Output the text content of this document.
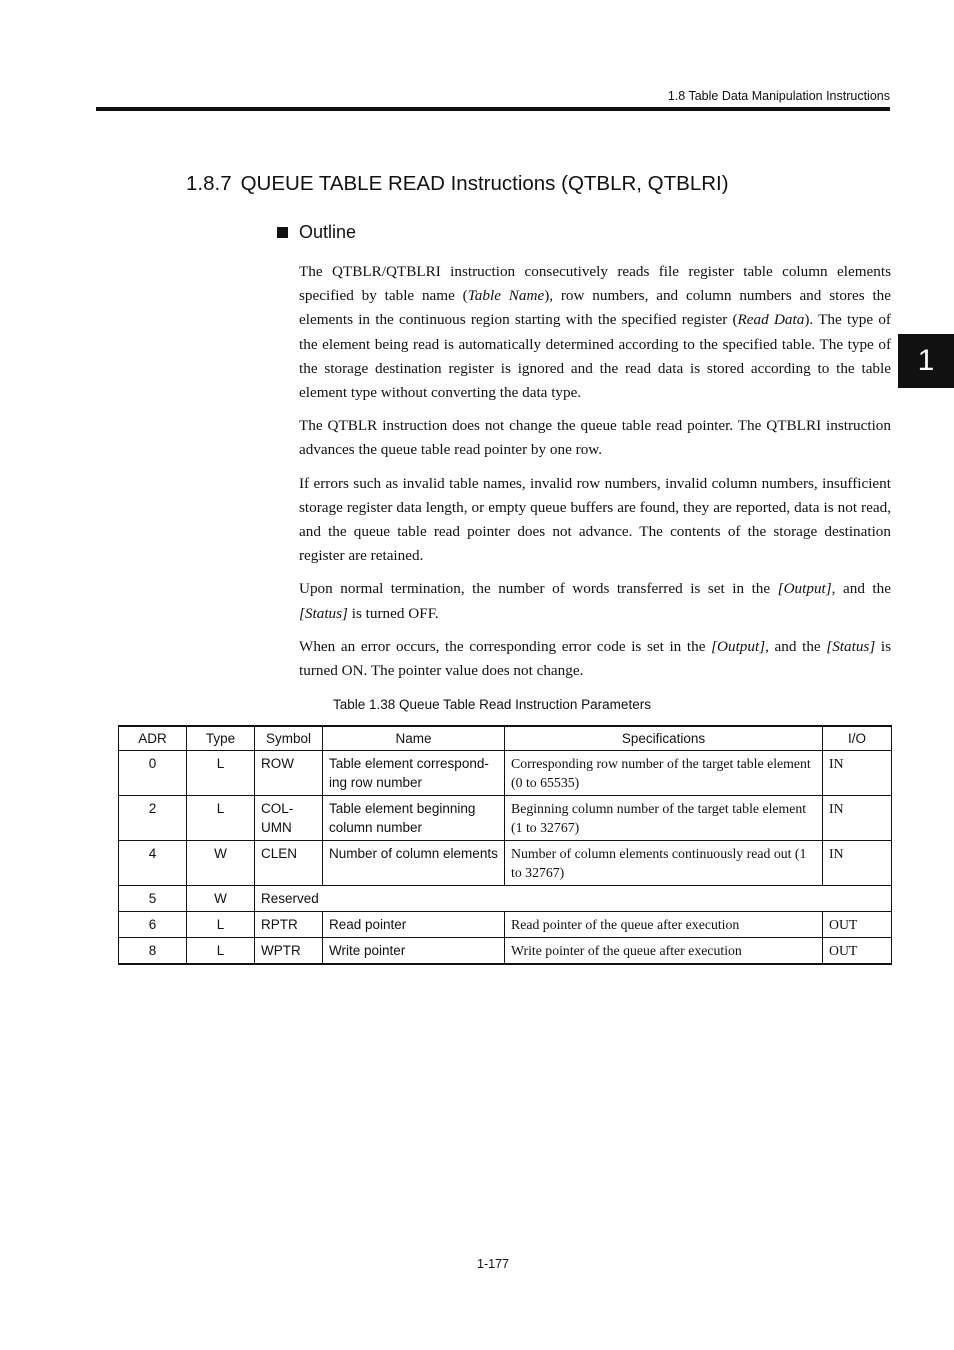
1.8 Table Data Manipulation Instructions
1
1.8.7 QUEUE TABLE READ Instructions (QTBLR, QTBLRI)
Outline

The QTBLR/QTBLRI instruction consecutively reads file register table column elements specified by table name (Table Name), row numbers, and column numbers and stores the elements in the continuous region starting with the specified register (Read Data). The type of the element being read is automatically determined according to the specified table. The type of the storage destination register is ignored and the read data is stored according to the table element type without converting the data type.

The QTBLR instruction does not change the queue table read pointer. The QTBLRI instruction advances the queue table read pointer by one row.

If errors such as invalid table names, invalid row numbers, invalid column numbers, insufficient storage register data length, or empty queue buffers are found, they are reported, data is not read, and the queue table read pointer does not advance. The contents of the storage destination register are retained.

Upon normal termination, the number of words transferred is set in the [Output], and the [Status] is turned OFF.

When an error occurs, the corresponding error code is set in the [Output], and the [Status] is turned ON. The pointer value does not change.

Table 1.38 Queue Table Read Instruction Parameters
ADR	Type	Symbol	Name	Specifications	I/O
0	L	ROW	Table element correspond-ing row number	Corresponding row number of the target table element (0 to 65535)	IN
2	L	COL-UMN	Table element beginning column number	Beginning column number of the target table element (1 to 32767)	IN
4	W	CLEN	Number of column elements	Number of column elements continuously read out (1 to 32767)	IN
5	W	Reserved			
6	L	RPTR	Read pointer	Read pointer of the queue after execution	OUT
8	L	WPTR	Write pointer	Write pointer of the queue after execution	OUT
1-177
